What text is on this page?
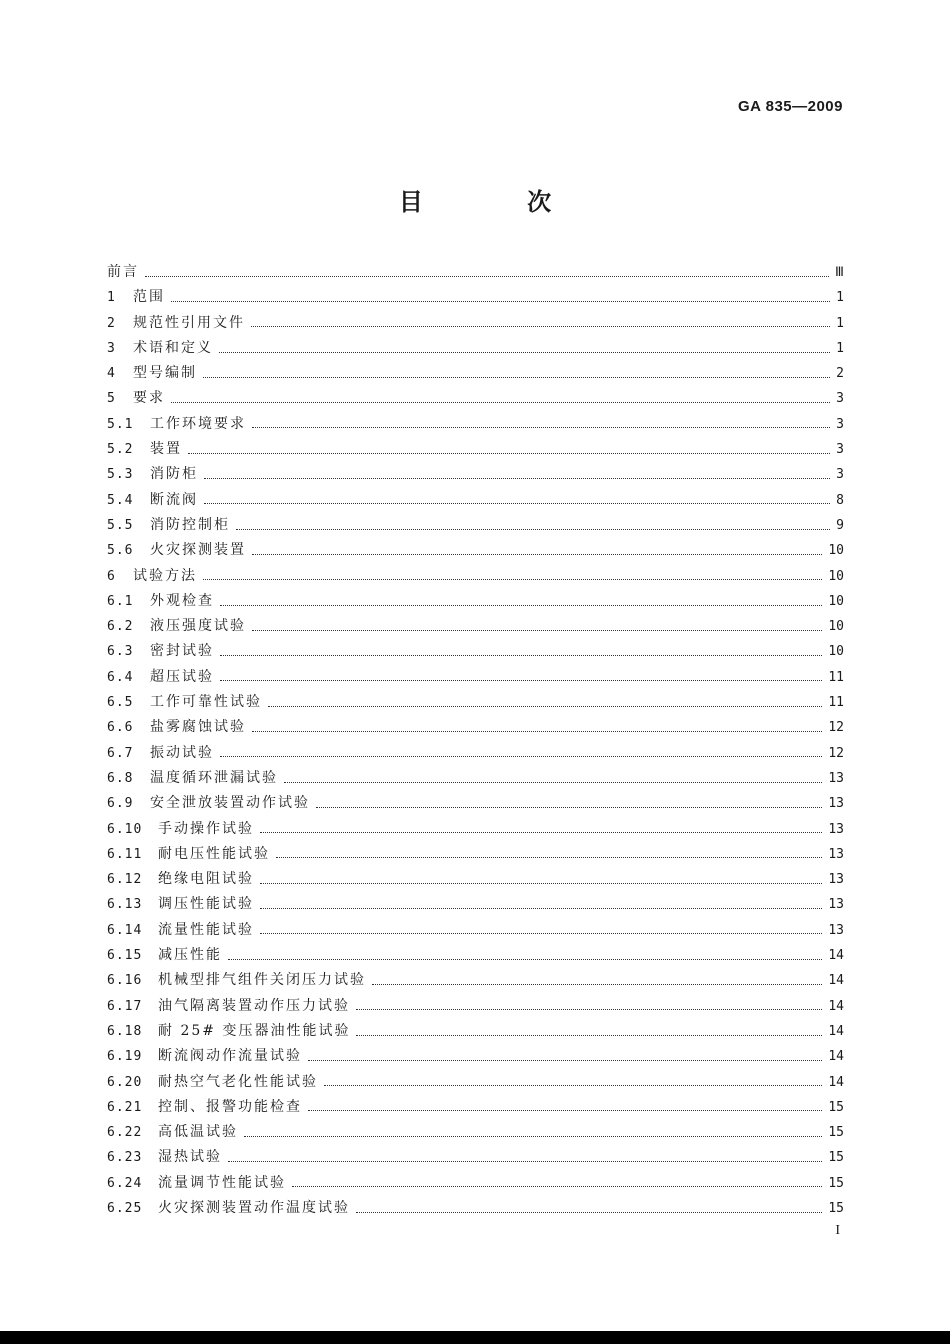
GA 835—2009
目 次
前言	Ⅲ
1	范围	1
2	规范性引用文件	1
3	术语和定义	1
4	型号编制	2
5	要求	3
5.1	工作环境要求	3
5.2	装置	3
5.3	消防柜	3
5.4	断流阀	8
5.5	消防控制柜	9
5.6	火灾探测装置	10
6	试验方法	10
6.1	外观检查	10
6.2	液压强度试验	10
6.3	密封试验	10
6.4	超压试验	11
6.5	工作可靠性试验	11
6.6	盐雾腐蚀试验	12
6.7	振动试验	12
6.8	温度循环泄漏试验	13
6.9	安全泄放装置动作试验	13
6.10	手动操作试验	13
6.11	耐电压性能试验	13
6.12	绝缘电阻试验	13
6.13	调压性能试验	13
6.14	流量性能试验	13
6.15	减压性能	14
6.16	机械型排气组件关闭压力试验	14
6.17	油气隔离装置动作压力试验	14
6.18	耐 25# 变压器油性能试验	14
6.19	断流阀动作流量试验	14
6.20	耐热空气老化性能试验	14
6.21	控制、报警功能检查	15
6.22	高低温试验	15
6.23	湿热试验	15
6.24	流量调节性能试验	15
6.25	火灾探测装置动作温度试验	15
I
